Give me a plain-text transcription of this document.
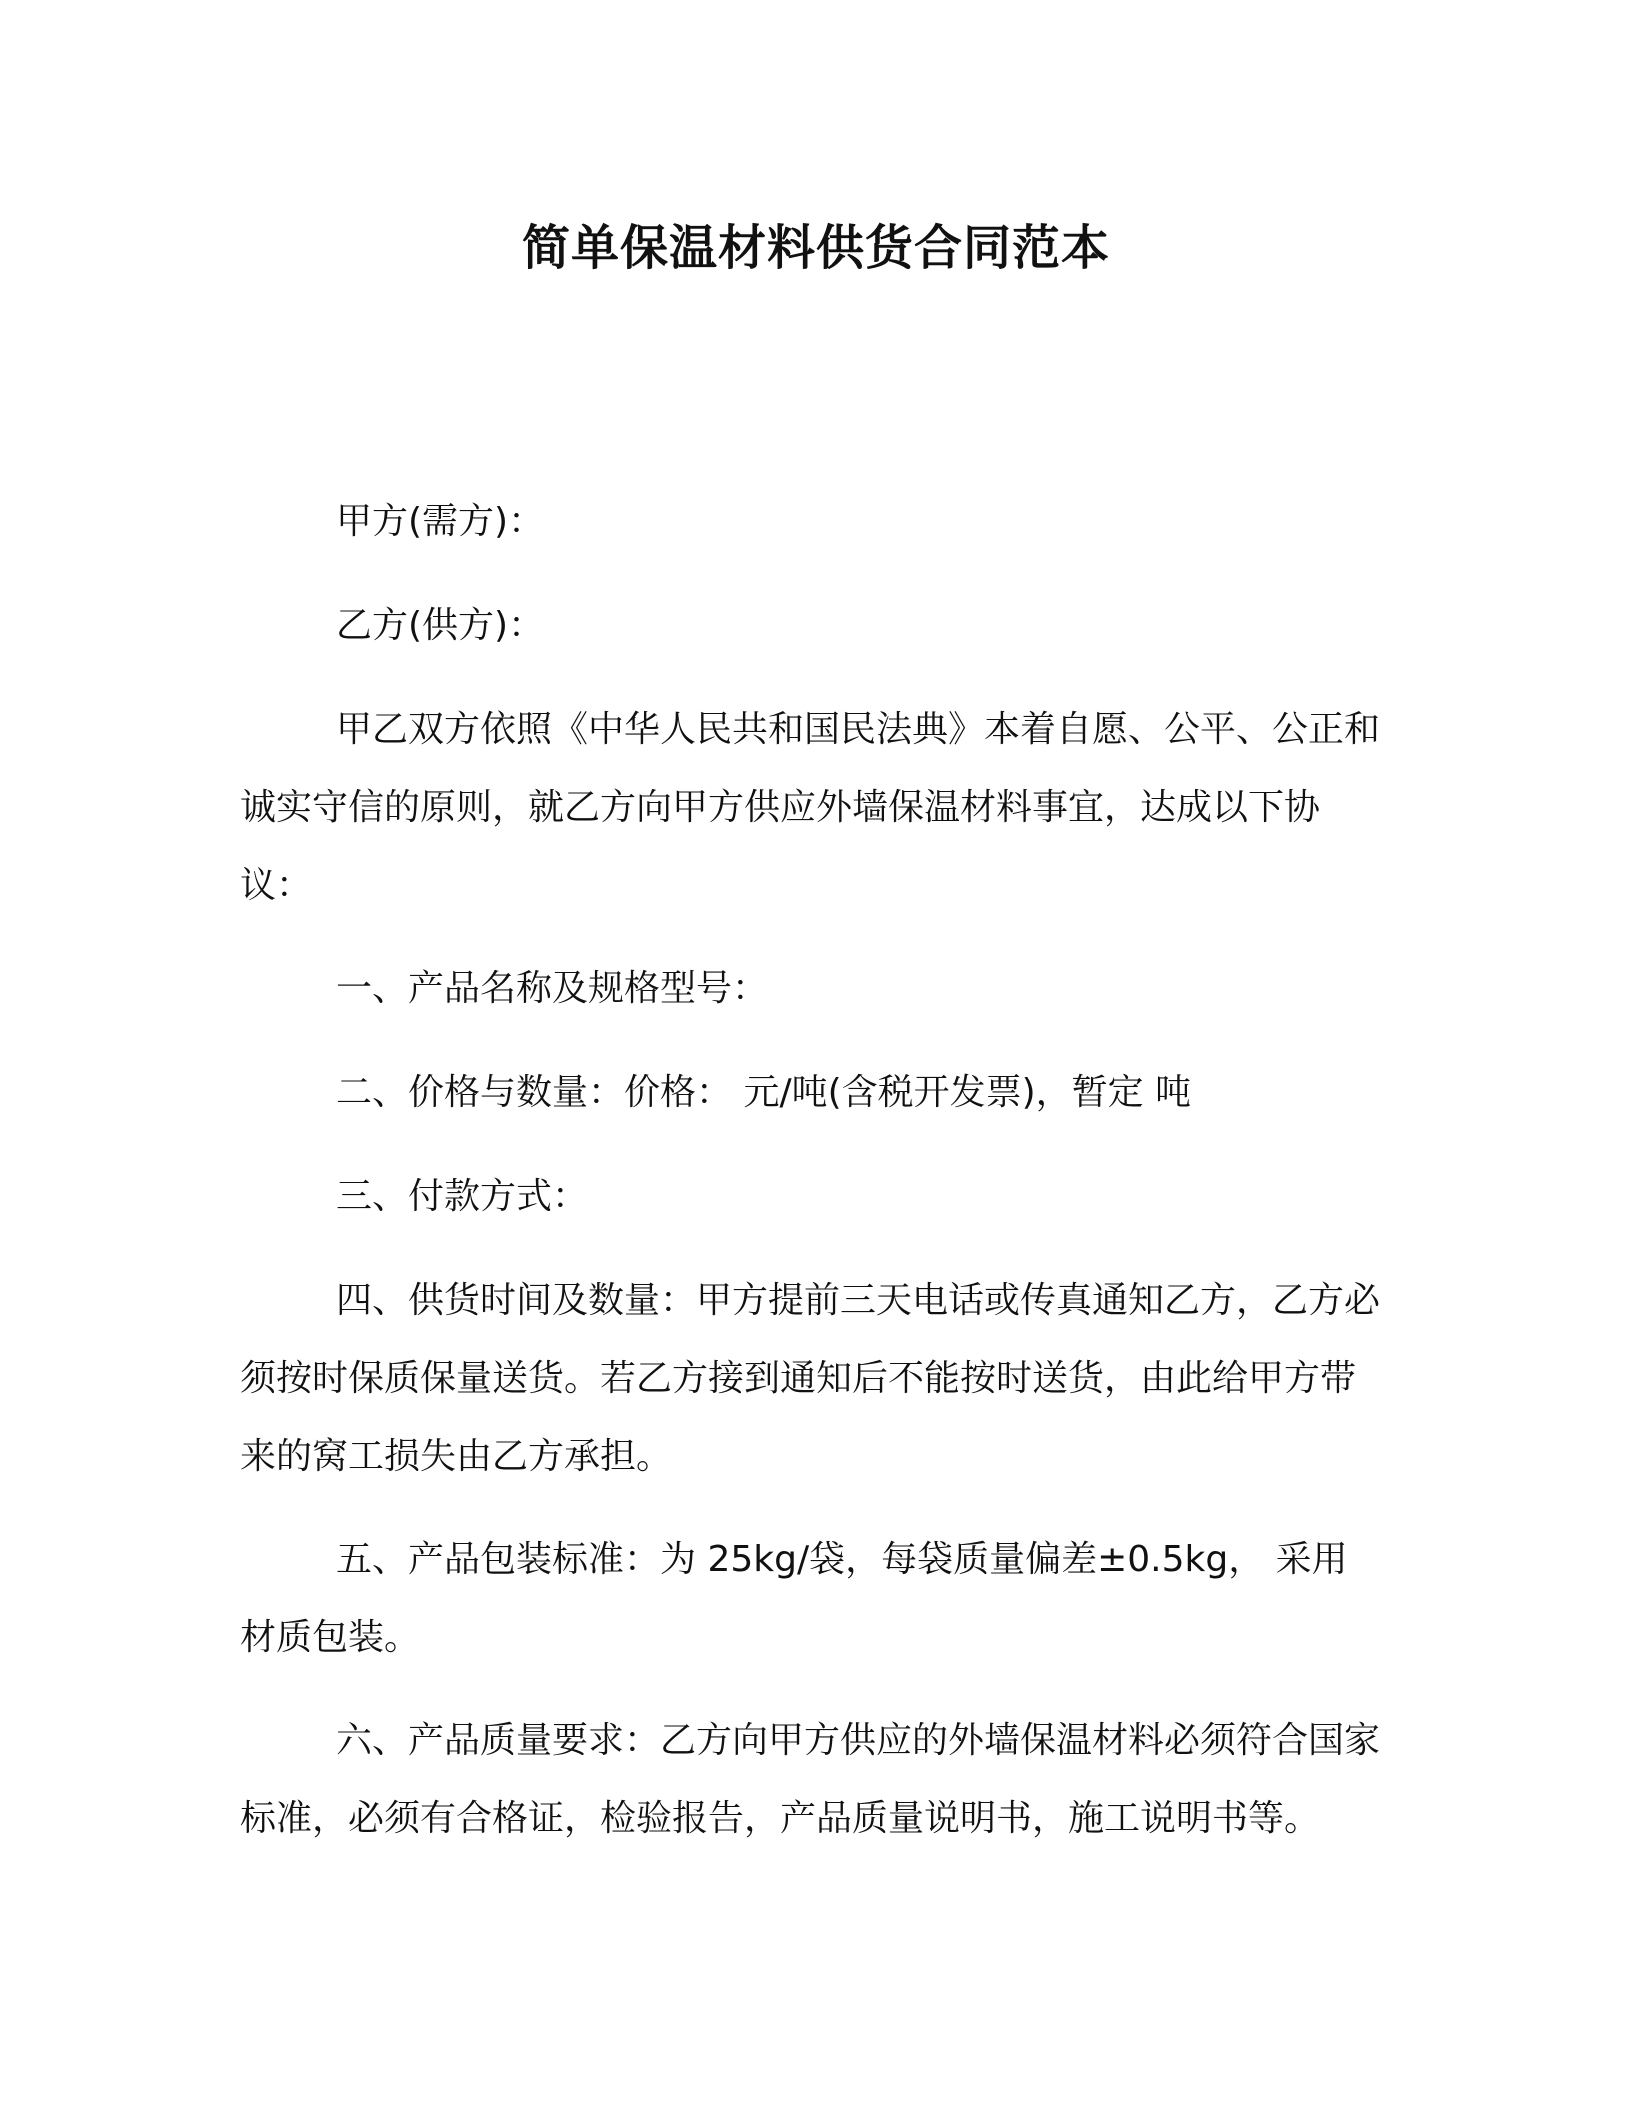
简单保温材料供货合同范本
甲方(需方)：
乙方(供方)：
甲乙双方依照《中华人民共和国民法典》本着自愿、公平、公正和诚实守信的原则，就乙方向甲方供应外墙保温材料事宜，达成以下协议：
一、产品名称及规格型号：
二、价格与数量：价格： 元/吨(含税开发票)，暂定 吨
三、付款方式：
四、供货时间及数量：甲方提前三天电话或传真通知乙方，乙方必须按时保质保量送货。若乙方接到通知后不能按时送货，由此给甲方带来的窝工损失由乙方承担。
五、产品包装标准：为 25kg/袋，每袋质量偏差±0.5kg， 采用材质包装。
六、产品质量要求：乙方向甲方供应的外墙保温材料必须符合国家标准，必须有合格证，检验报告，产品质量说明书，施工说明书等。
